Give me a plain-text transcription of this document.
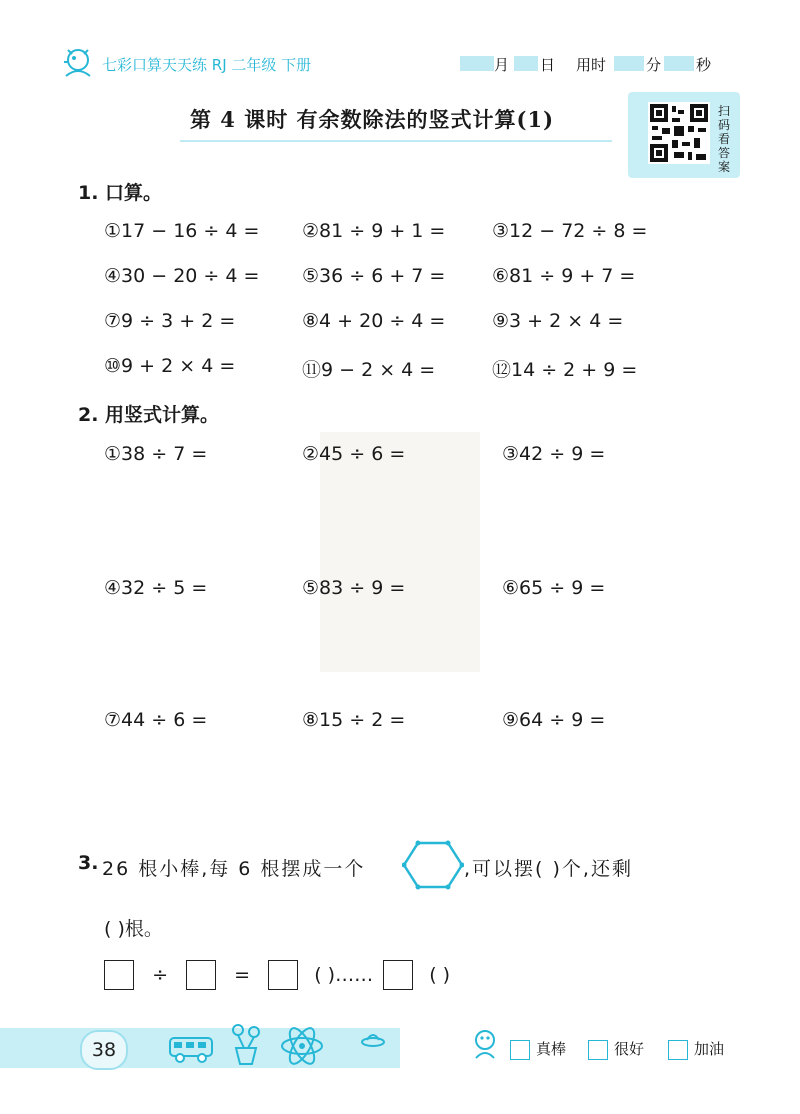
七彩口算天天练 RJ 二年级 下册	月 日 用时	分 秒
第 4 课时 有余数除法的竖式计算(1)	扫码看答案
1. 口算。
①17 − 16 ÷ 4 = ②81 ÷ 9 + 1 = ③12 − 72 ÷ 8 =
④30 − 20 ÷ 4 = ⑤36 ÷ 6 + 7 = ⑥81 ÷ 9 + 7 =
⑦9 ÷ 3 + 2 =	⑧4 + 20 ÷ 4 = ⑨3 + 2 × 4 =
⑩9 + 2 × 4 =	⑪9 − 2 × 4 =	⑫14 ÷ 2 + 9 =
2. 用竖式计算。
①38 ÷ 7 =	②45 ÷ 6 =	③42 ÷ 9 =
④32 ÷ 5 =	⑤83 ÷ 9 =	⑥65 ÷ 9 =
⑦44 ÷ 6 =	⑧15 ÷ 2 =	⑨64 ÷ 9 =
3. 26 根小棒,每 6 根摆成一个	,可以摆( )个,还剩
( )根。
÷	=	( )……	( )
38	真棒	很好	加油
